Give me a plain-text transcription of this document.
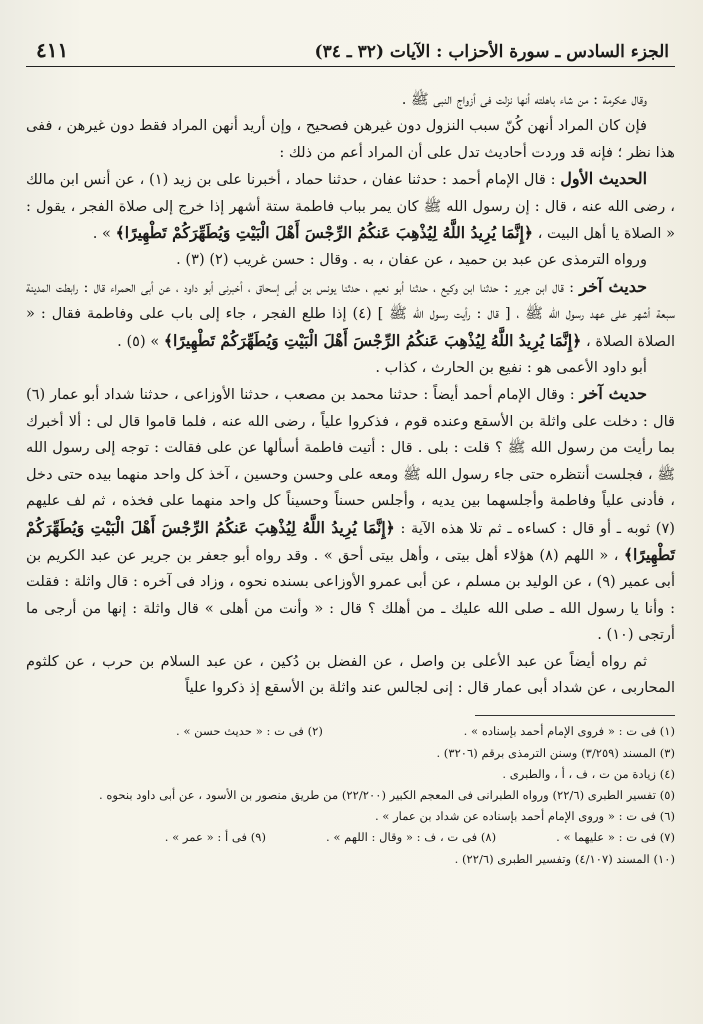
الجزء السادس ـ سورة الأحزاب : الآيات (٣٢ ـ ٣٤)
٤١١

وقال عكرمة : من شاء باهلته أنها نزلت فى أزواج النبى ﷺ .

فإن كان المراد أنهن كُنّ سبب النزول دون غيرهن فصحيح ، وإن أريد أنهن المراد فقط دون غيرهن ، ففى هذا نظر ؛ فإنه قد وردت أحاديث تدل على أن المراد أعم من ذلك :

الحديث الأول : قال الإمام أحمد : حدثنا عفان ، حدثنا حماد ، أخبرنا على بن زيد (١) ، عن أنس ابن مالك ، رضى الله عنه ، قال : إن رسول الله ﷺ كان يمر بباب فاطمة ستة أشهر إذا خرج إلى صلاة الفجر ، يقول : « الصلاة يا أهل البيت ، ﴿إِنَّمَا يُرِيدُ اللَّهُ لِيُذْهِبَ عَنكُمُ الرِّجْسَ أَهْلَ الْبَيْتِ وَيُطَهِّرَكُمْ تَطْهِيرًا﴾ » .

ورواه الترمذى عن عبد بن حميد ، عن عفان ، به . وقال : حسن غريب (٢) (٣) .

حديث آخر : قال ابن جرير : حدثنا ابن وكيع ، حدثنا أبو نعيم ، حدثنا يونس بن أبى إسحاق ، أخبرنى أبو داود ، عن أبى الحمراء قال : رابطت المدينة سبعة أشهر على عهد رسول الله ﷺ ، [ قال : رأيت رسول الله ﷺ ] (٤) إذا طلع الفجر ، جاء إلى باب على وفاطمة فقال : « الصلاة الصلاة ، ﴿إِنَّمَا يُرِيدُ اللَّهُ لِيُذْهِبَ عَنكُمُ الرِّجْسَ أَهْلَ الْبَيْتِ وَيُطَهِّرَكُمْ تَطْهِيرًا﴾ » (٥) .

أبو داود الأعمى هو : نفيع بن الحارث ، كذاب .

حديث آخر : وقال الإمام أحمد أيضاً : حدثنا محمد بن مصعب ، حدثنا الأوزاعى ، حدثنا شداد أبو عمار (٦) قال : دخلت على واثلة بن الأسقع وعنده قوم ، فذكروا علياً ، رضى الله عنه ، فلما قاموا قال لى : ألا أخبرك بما رأيت من رسول الله ﷺ ؟ قلت : بلى . قال : أتيت فاطمة أسألها عن على فقالت : توجه إلى رسول الله ﷺ ، فجلست أنتظره حتى جاء رسول الله ﷺ ومعه على وحسن وحسين ، آخذ كل واحد منهما بيده حتى دخل ، فأدنى علياً وفاطمة وأجلسهما بين يديه ، وأجلس حسناً وحسيناً كل واحد منهما على فخذه ، ثم لف عليهم (٧) ثوبه ـ أو قال : كساءه ـ ثم تلا هذه الآية : ﴿إِنَّمَا يُرِيدُ اللَّهُ لِيُذْهِبَ عَنكُمُ الرِّجْسَ أَهْلَ الْبَيْتِ وَيُطَهِّرَكُمْ تَطْهِيرًا﴾ ، « اللهم (٨) هؤلاء أهل بيتى ، وأهل بيتى أحق » . وقد رواه أبو جعفر بن جرير عن عبد الكريم بن أبى عمير (٩) ، عن الوليد بن مسلم ، عن أبى عمرو الأوزاعى بسنده نحوه ، وزاد فى آخره : قال واثلة : فقلت : وأنا يا رسول الله ـ صلى الله عليك ـ من أهلك ؟ قال : « وأنت من أهلى » قال واثلة : إنها من أرجى ما أرتجى (١٠) .

ثم رواه أيضاً عن عبد الأعلى بن واصل ، عن الفضل بن دُكين ، عن عبد السلام بن حرب ، عن كلثوم المحاربى ، عن شداد أبى عمار قال : إنى لجالس عند واثلة بن الأسقع إذ ذكروا علياً

(١) فى ت : « فروى الإمام أحمد بإسناده » .
(٢) فى ت : « حديث حسن » .
(٣) المسند (٣/٢٥٩) وسنن الترمذى برقم (٣٢٠٦) .
(٤) زيادة من ت ، ف ، أ ، والطبرى .
(٥) تفسير الطبرى (٢٢/٦) ورواه الطبرانى فى المعجم الكبير (٢٢/٢٠٠) من طريق منصور بن الأسود ، عن أبى داود بنحوه .
(٦) فى ت : « وروى الإمام أحمد بإسناده عن شداد بن عمار » .
(٧) فى ت : « عليهما » .
(٨) فى ت ، ف : « وقال : اللهم » .
(٩) فى أ : « عمر » .
(١٠) المسند (٤/١٠٧) وتفسير الطبرى (٢٢/٦) .
